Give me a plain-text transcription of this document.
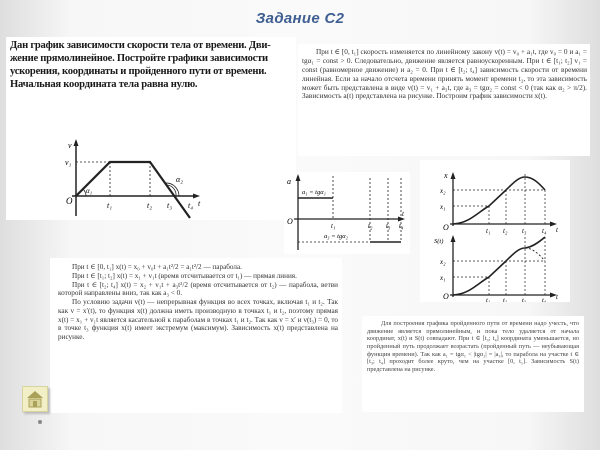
Задание С2

Дан график зависимости скорости тела от времени. Дви-

жение прямолинейное. Постройте графики зависимости

ускорения, координаты и пройденного пути от времени.

Начальная координата тела равна нулю.

v
v₁
O	t
α₁
α₂
t₁	t₂ t₃ t₄

При t ∈ [0, t₁] скорость изменяется по линейному закону v(t) = v₀ + a₁t, где v₀ = 0 и a₁ = tgα₁ = const > 0. Следовательно, движение является равноускоренным. При t ∈ [t₁; t₂] v₁ = const (равномерное движение) и a₂ = 0. При t ∈ [t₂; t₄] зависимость скорости от времени линейная. Если за начало отсчета времени принять момент времени t₂, то эта зависимость может быть представлена в виде v(t) = v₁ + a₃t, где a₃ = tgα₂ = const < 0 (так как α₂ > π/2). Зависимость a(t) представлена на рисунке. Построим график зависимости x(t).

a
a₁ = tgα₁
O
t
a₃ = tgα₂
t₁	t₂ t₃ t₄
x
x₂
x₁
O	t
t₁ t₂ t₃ t₄
S(t)
x₂
x₁
O	t
t₁ t₂ t₃ t₄

При t ∈ [0, t₁] x(t) = x₀ + v₀t + a₁t²/2 = a₁t²/2 — парабола.

При t ∈ [t₁; t₂] x(t) = x₁ + v₁t (время отсчитывается от t₁) — прямая линия.

При t ∈ [t₂; t₄] x(t) = x₂ + v₁t + a₃t²/2 (время отсчитывается от t₂) — парабола, ветви которой направлены вниз, так как a₃ < 0.

По условию задачи v(t) — непрерывная функция во всех точках, включая t₁ и t₂. Так как v = x′(t), то функция x(t) должна иметь производную в точках t₁ и t₂, поэтому прямая x(t) = x₁ + v₁t является касательной к параболам в точках t₁ и t₂. Так как v = x′ и v(t₃) = 0, то в точке t₃ функция x(t) имеет экстремум (максимум). Зависимость x(t) представлена на рисунке.

Для построения графика пройденного пути от времени надо учесть, что движение является прямолинейным, и пока тело удаляется от начала координат, x(t) и S(t) совпадают. При t ∈ [t₃; t₄] координата уменьшается, но пройденный путь продолжает возрастать (пройденный путь — неубывающая функция времени). Так как a₁ = tgα₁ < |tgα₂| = |a₃|, то парабола на участке t ∈ [t₃; t₄] проходит более круто, чем на участке [0, t₁]. Зависимость S(t) представлена на рисунке.
